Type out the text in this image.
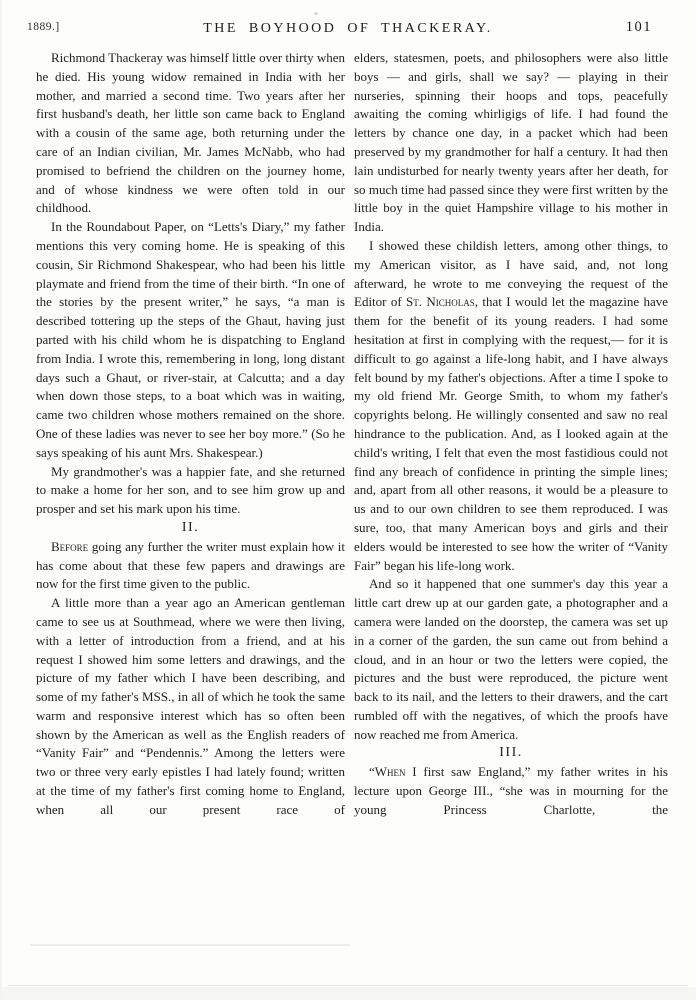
1889.]	THE BOYHOOD OF THACKERAY.	101

Richmond Thackeray was himself little over thirty when he died. His young widow remained in India with her mother, and married a second time. Two years after her first husband's death, her little son came back to England with a cousin of the same age, both returning under the care of an Indian civilian, Mr. James McNabb, who had promised to befriend the children on the journey home, and of whose kindness we were often told in our childhood.

In the Roundabout Paper, on “Letts's Diary,” my father mentions this very coming home. He is speaking of this cousin, Sir Richmond Shakespear, who had been his little playmate and friend from the time of their birth. “In one of the stories by the present writer,” he says, “a man is described tottering up the steps of the Ghaut, having just parted with his child whom he is dispatching to England from India. I wrote this, remembering in long, long distant days such a Ghaut, or river-stair, at Calcutta; and a day when down those steps, to a boat which was in waiting, came two children whose mothers remained on the shore. One of these ladies was never to see her boy more.” (So he says speaking of his aunt Mrs. Shakespear.)

My grandmother's was a happier fate, and she returned to make a home for her son, and to see him grow up and prosper and set his mark upon his time.

II.

Before going any further the writer must explain how it has come about that these few papers and drawings are now for the first time given to the public.

A little more than a year ago an American gentleman came to see us at Southmead, where we were then living, with a letter of introduction from a friend, and at his request I showed him some letters and drawings, and the picture of my father which I have been describing, and some of my father's MSS., in all of which he took the same warm and responsive interest which has so often been shown by the American as well as the English readers of “Vanity Fair” and “Pendennis.” Among the letters were two or three very early epistles I had lately found; written at the time of my father's first coming home to England, when all our present race of

elders, statesmen, poets, and philosophers were also little boys — and girls, shall we say? — playing in their nurseries, spinning their hoops and tops, peacefully awaiting the coming whirligigs of life. I had found the letters by chance one day, in a packet which had been preserved by my grandmother for half a century. It had then lain undisturbed for nearly twenty years after her death, for so much time had passed since they were first written by the little boy in the quiet Hampshire village to his mother in India.

I showed these childish letters, among other things, to my American visitor, as I have said, and, not long afterward, he wrote to me conveying the request of the Editor of St. Nicholas, that I would let the magazine have them for the benefit of its young readers. I had some hesitation at first in complying with the request,— for it is difficult to go against a life-long habit, and I have always felt bound by my father's objections. After a time I spoke to my old friend Mr. George Smith, to whom my father's copyrights belong. He willingly consented and saw no real hindrance to the publication. And, as I looked again at the child's writing, I felt that even the most fastidious could not find any breach of confidence in printing the simple lines; and, apart from all other reasons, it would be a pleasure to us and to our own children to see them reproduced. I was sure, too, that many American boys and girls and their elders would be interested to see how the writer of “Vanity Fair” began his life-long work.

And so it happened that one summer's day this year a little cart drew up at our garden gate, a photographer and a camera were landed on the doorstep, the camera was set up in a corner of the garden, the sun came out from behind a cloud, and in an hour or two the letters were copied, the pictures and the bust were reproduced, the picture went back to its nail, and the letters to their drawers, and the cart rumbled off with the negatives, of which the proofs have now reached me from America.

III.

“When I first saw England,” my father writes in his lecture upon George III., “she was in mourning for the young Princess Charlotte, the
